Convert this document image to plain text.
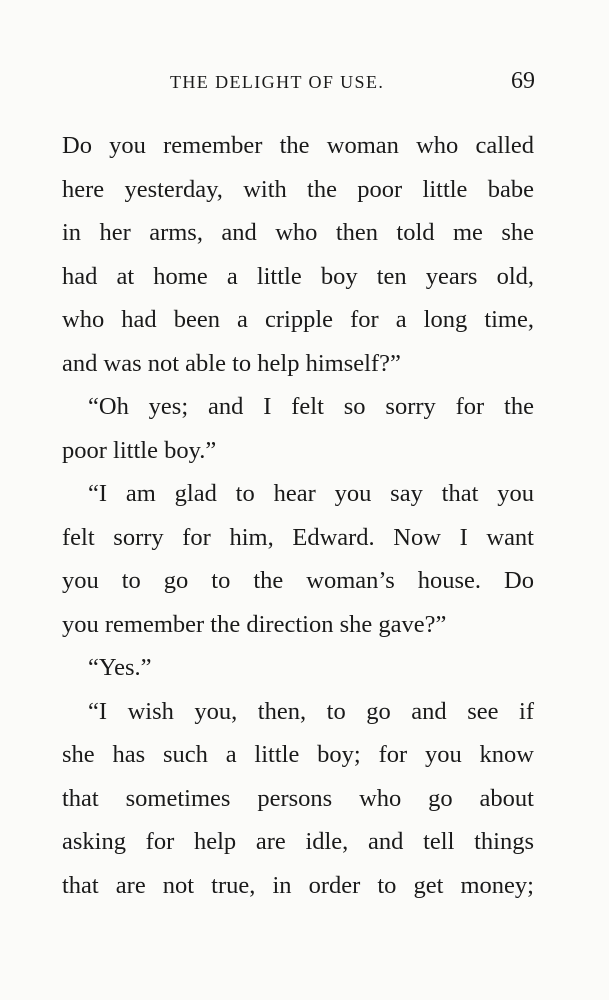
THE DELIGHT OF USE.	69
Do you remember the woman who called
here yesterday, with the poor little babe
in her arms, and who then told me she
had at home a little boy ten years old,
who had been a cripple for a long time,
and was not able to help himself?”
“Oh yes; and I felt so sorry for the
poor little boy.”
“I am glad to hear you say that you
felt sorry for him, Edward. Now I want
you to go to the woman’s house. Do
you remember the direction she gave?”
“Yes.”
“I wish you, then, to go and see if
she has such a little boy; for you know
that sometimes persons who go about
asking for help are idle, and tell things
that are not true, in order to get money;
